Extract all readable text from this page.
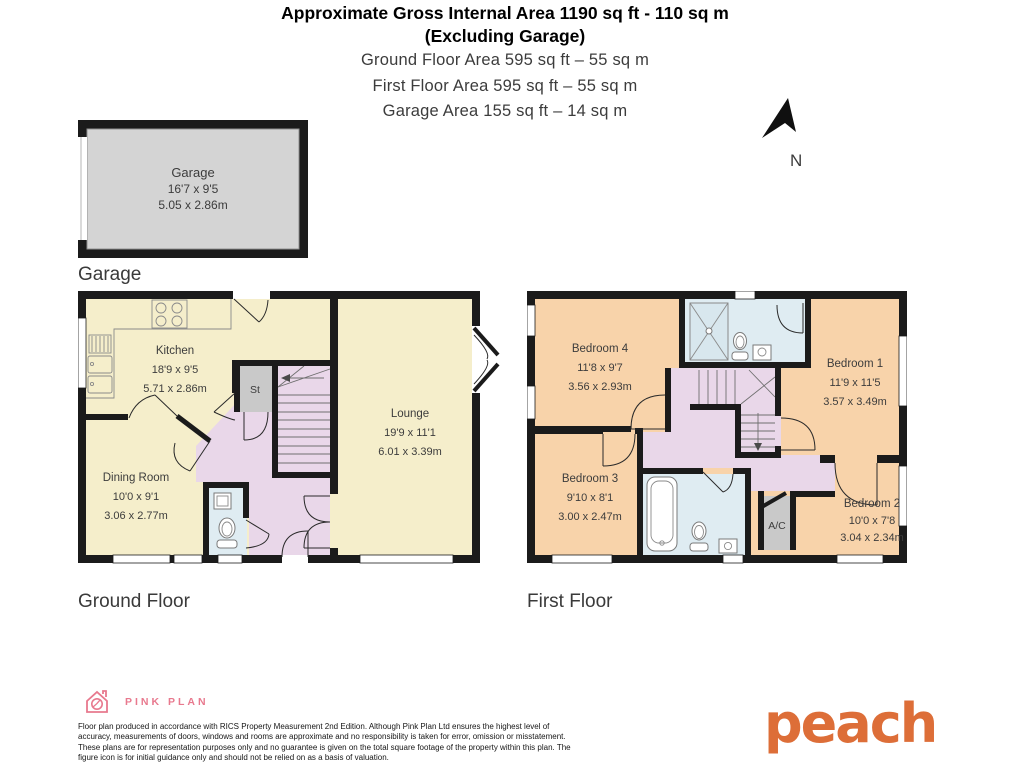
Approximate Gross Internal Area 1190 sq ft - 110 sq m
(Excluding Garage)
Ground Floor Area 595 sq ft – 55 sq m
First Floor Area 595 sq ft – 55 sq m
Garage Area 155 sq ft – 14 sq m
N
Garage
16'7 x 9'5
5.05 x 2.86m
Garage
Kitchen
18'9 x 9'5
5.71 x 2.86m
Dining Room
10'0 x 9'1
3.06 x 2.77m
Lounge
19'9 x 11'1
6.01 x 3.39m
St
Ground Floor
Bedroom 4
11'8 x 9'7
3.56 x 2.93m
Bedroom 1
11'9 x 11'5
3.57 x 3.49m
Bedroom 3
9'10 x 8'1
3.00 x 2.47m
Bedroom 2
10'0 x 7'8
3.04 x 2.34m
A/C
First Floor
PINK PLAN
Floor plan produced in accordance with RICS Property Measurement 2nd Edition. Although Pink Plan Ltd ensures the highest level of accuracy, measurements of doors, windows and rooms are approximate and no responsibility is taken for error, omission or misstatement. These plans are for representation purposes only and no guarantee is given on the total square footage of the property within this plan. The figure icon is for initial guidance only and should not be relied on as a basis of valuation.
peach
